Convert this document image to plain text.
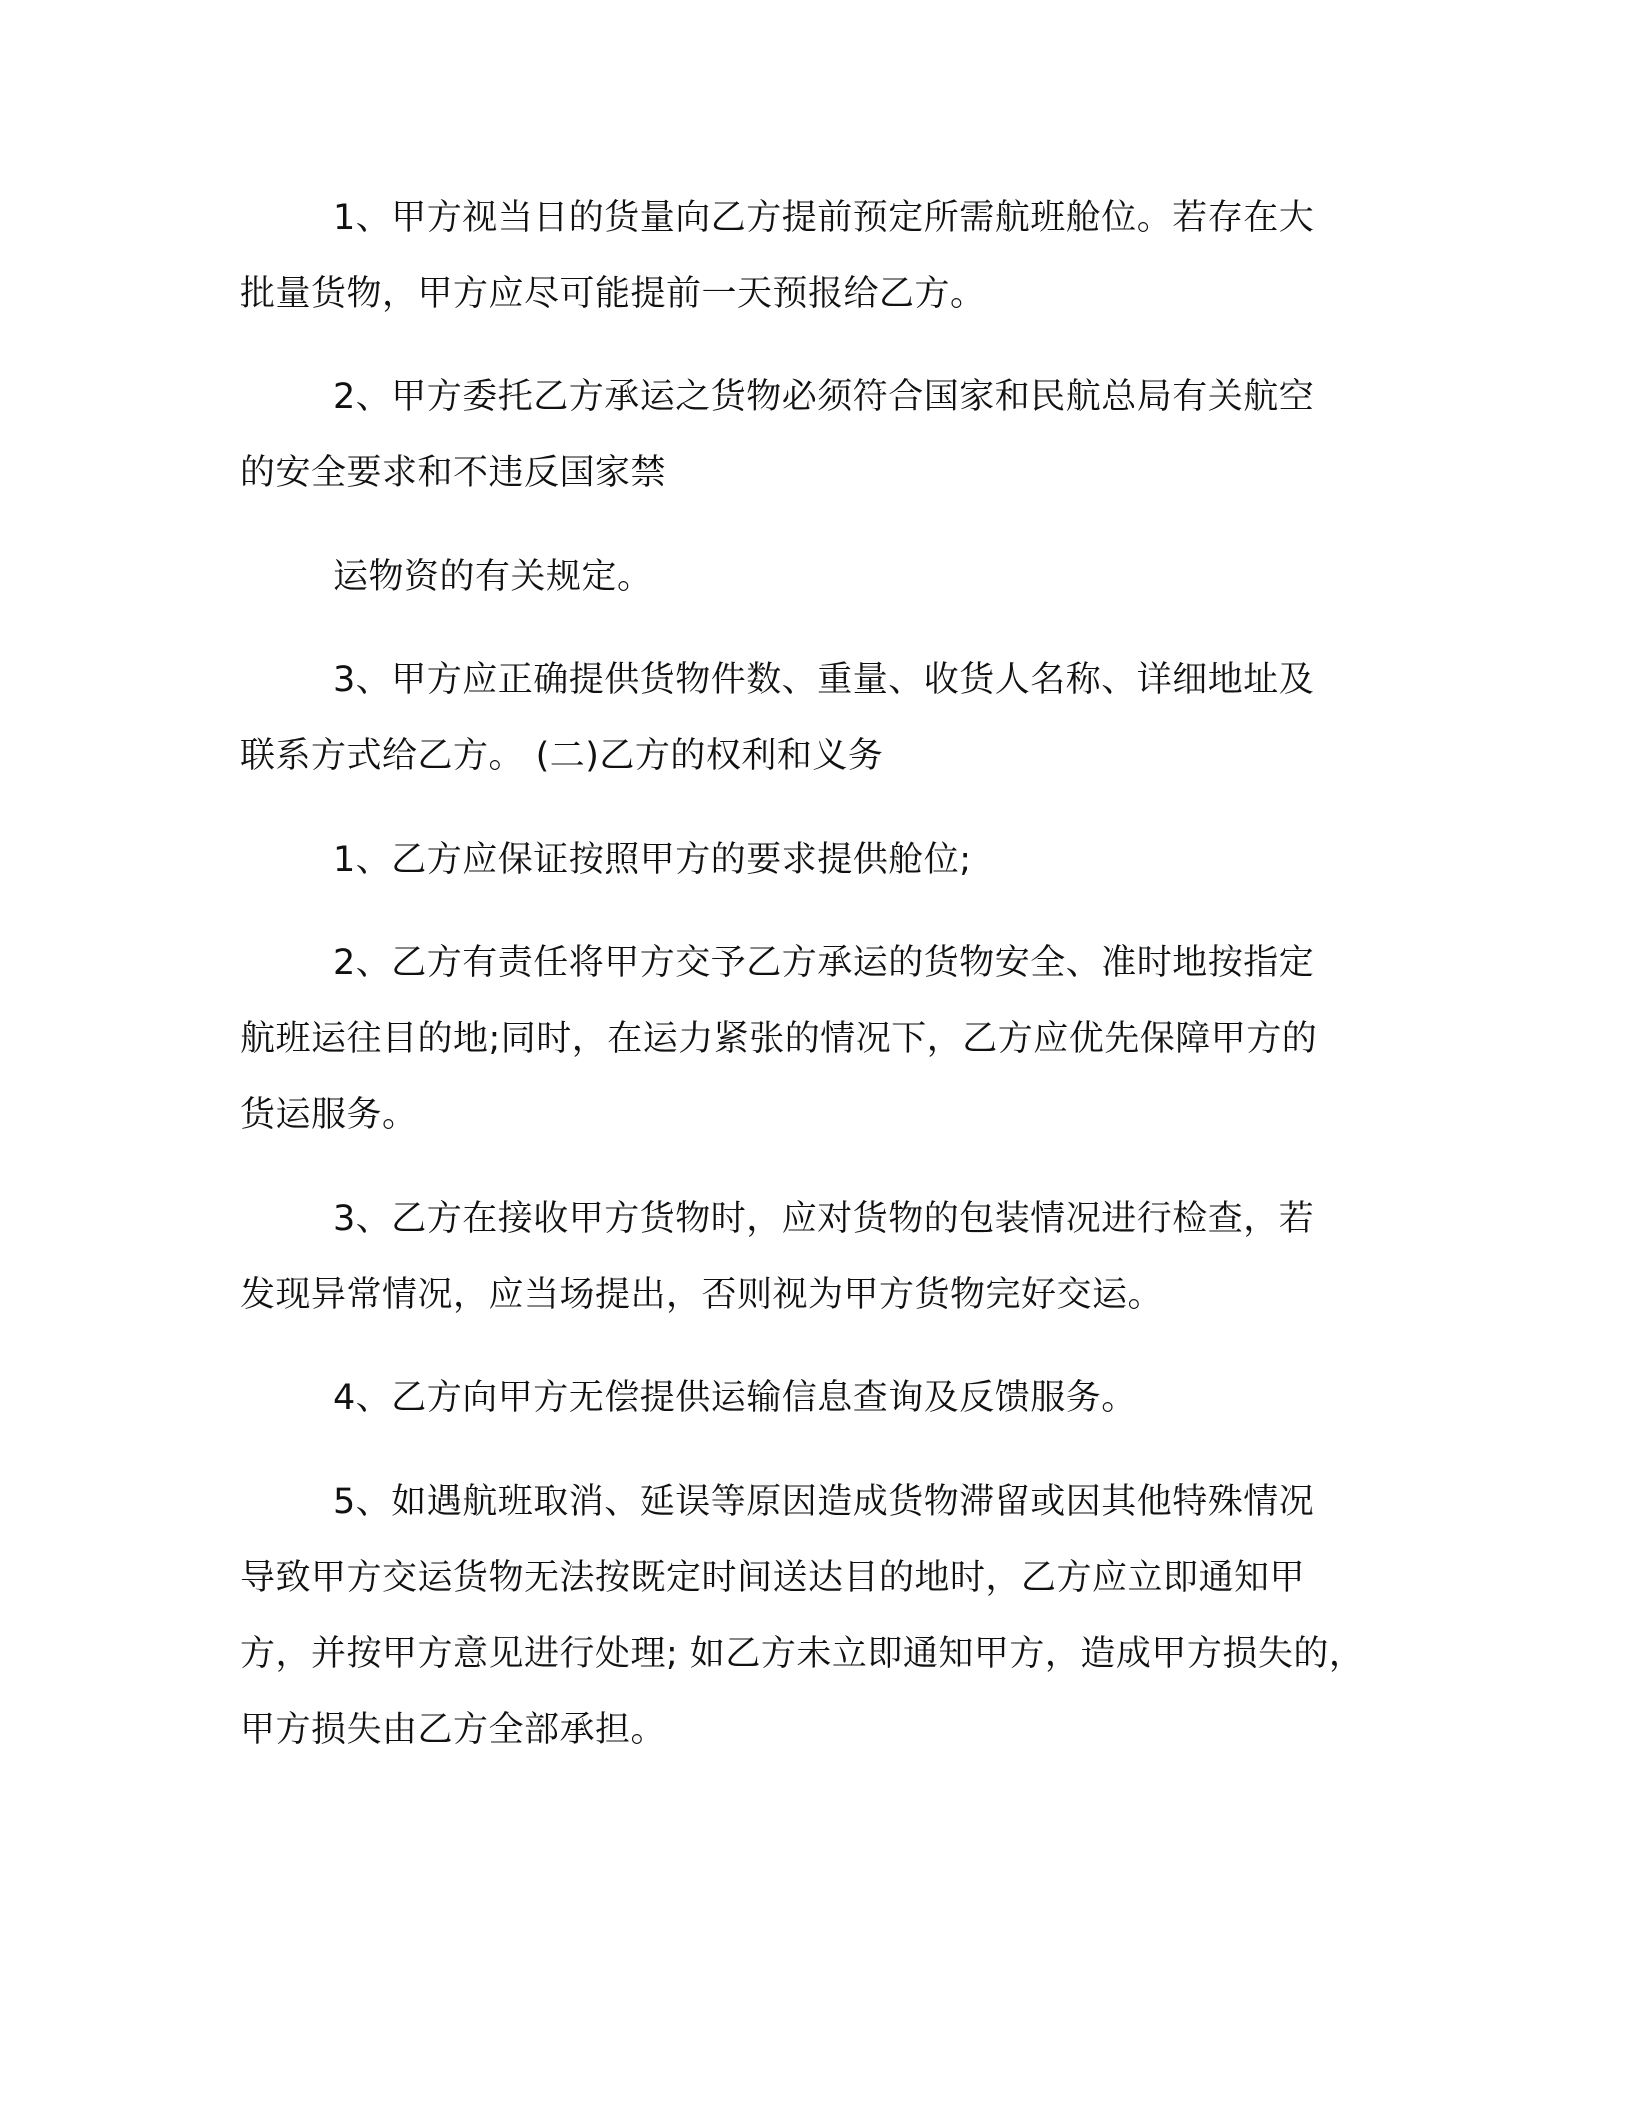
1、甲方视当日的货量向乙方提前预定所需航班舱位。若存在大
批量货物，甲方应尽可能提前一天预报给乙方。
2、甲方委托乙方承运之货物必须符合国家和民航总局有关航空
的安全要求和不违反国家禁
运物资的有关规定。
3、甲方应正确提供货物件数、重量、收货人名称、详细地址及
联系方式给乙方。 (二)乙方的权利和义务
1、乙方应保证按照甲方的要求提供舱位;
2、乙方有责任将甲方交予乙方承运的货物安全、准时地按指定
航班运往目的地;同时，在运力紧张的情况下，乙方应优先保障甲方的
货运服务。
3、乙方在接收甲方货物时，应对货物的包装情况进行检查，若
发现异常情况，应当场提出，否则视为甲方货物完好交运。
4、乙方向甲方无偿提供运输信息查询及反馈服务。
5、如遇航班取消、延误等原因造成货物滞留或因其他特殊情况
导致甲方交运货物无法按既定时间送达目的地时，乙方应立即通知甲
方，并按甲方意见进行处理; 如乙方未立即通知甲方，造成甲方损失的，
甲方损失由乙方全部承担。
